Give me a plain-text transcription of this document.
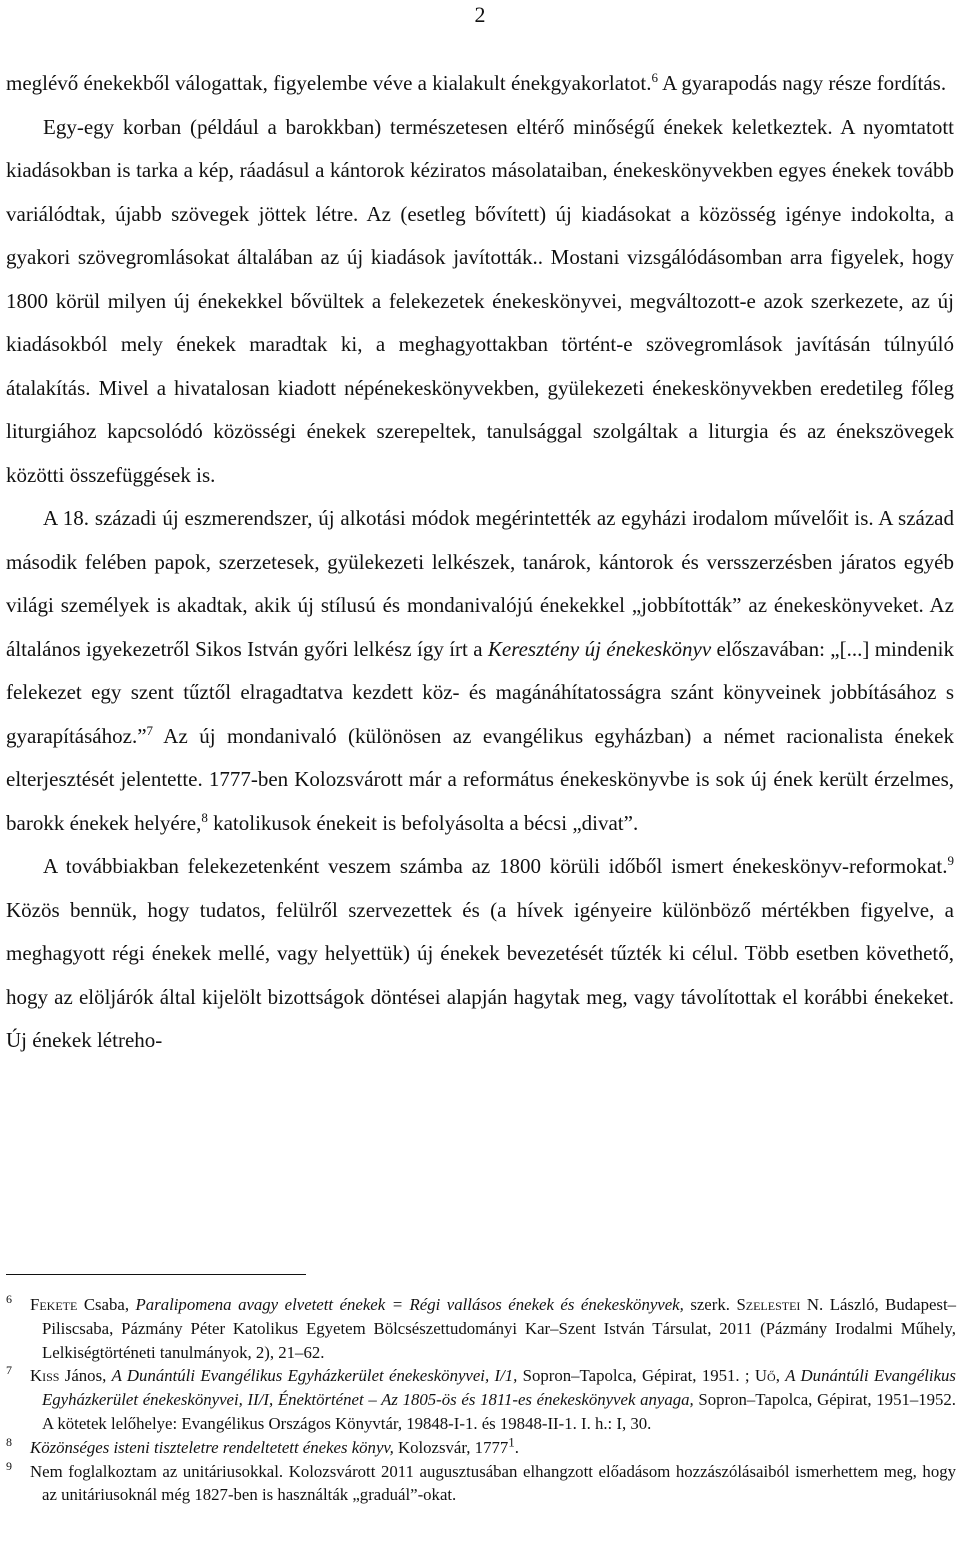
2

meglévő énekekből válogattak, figyelembe véve a kialakult énekgyakorlatot.$^6$ A gyarapodás nagy része fordítás.

Egy-egy korban (például a barokkban) természetesen eltérő minőségű énekek keletkeztek. A nyomtatott kiadásokban is tarka a kép, ráadásul a kántorok kéziratos másolataiban, énekeskönyvekben egyes énekek tovább variálódtak, újabb szövegek jöttek létre. Az (esetleg bővített) új kiadásokat a közösség igénye indokolta, a gyakori szövegromlásokat általában az új kiadások javították.. Mostani vizsgálódásomban arra figyelek, hogy 1800 körül milyen új énekekkel bővültek a felekezetek énekeskönyvei, megváltozott-e azok szerkezete, az új kiadásokból mely énekek maradtak ki, a meghagyottakban történt-e szövegromlások javításán túlnyúló átalakítás. Mivel a hivatalosan kiadott népénekeskönyvekben, gyülekezeti énekeskönyvekben eredetileg főleg liturgiához kapcsolódó közösségi énekek szerepeltek, tanulsággal szolgáltak a liturgia és az énekszövegek közötti összefüggések is.

A 18. századi új eszmerendszer, új alkotási módok megérintették az egyházi irodalom művelőit is. A század második felében papok, szerzetesek, gyülekezeti lelkészek, tanárok, kántorok és versszerzésben járatos egyéb világi személyek is akadtak, akik új stílusú és mondanivalójú énekekkel „jobbították” az énekeskönyveket. Az általános igyekezetről Sikos István győri lelkész így írt a Keresztény új énekeskönyv előszavában: „[...] mindenik felekezet egy szent tűztől elragadtatva kezdett köz- és magánáhítatosságra szánt könyveinek jobbításához s gyarapításához.”$^7$ Az új mondanivaló (különösen az evangélikus egyházban) a német racionalista énekek elterjesztését jelentette. 1777-ben Kolozsvárott már a református énekeskönyvbe is sok új ének került érzelmes, barokk énekek helyére,$^8$ katolikusok énekeit is befolyásolta a bécsi „divat”.

A továbbiakban felekezetenként veszem számba az 1800 körüli időből ismert énekeskönyv-reformokat.$^9$ Közös bennük, hogy tudatos, felülről szervezettek és (a hívek igényeire különböző mértékben figyelve, a meghagyott régi énekek mellé, vagy helyettük) új énekek bevezetését tűzték ki célul. Több esetben követhető, hogy az elöljárók által kijelölt bizottságok döntései alapján hagytak meg, vagy távolítottak el korábbi énekeket. Új énekek létreho-

6 Fekete Csaba, Paralipomena avagy elvetett énekek = Régi vallásos énekek és énekeskönyvek, szerk. Szelestei N. László, Budapest–Piliscsaba, Pázmány Péter Katolikus Egyetem Bölcsészettudományi Kar–Szent István Társulat, 2011 (Pázmány Irodalmi Műhely, Lelkiségtörténeti tanulmányok, 2), 21–62.
7 Kiss János, A Dunántúli Evangélikus Egyházkerület énekeskönyvei, I/1, Sopron–Tapolca, Gépirat, 1951. ; Uő, A Dunántúli Evangélikus Egyházkerület énekeskönyvei, II/I, Énektörténet – Az 1805-ös és 1811-es énekeskönyvek anyaga, Sopron–Tapolca, Gépirat, 1951–1952. A kötetek lelőhelye: Evangélikus Országos Könyvtár, 19848-I-1. és 19848-II-1. I. h.: I, 30.
8 Közönséges isteni tiszteletre rendeltetett énekes könyv, Kolozsvár, 1777$^1$.
9 Nem foglalkoztam az unitáriusokkal. Kolozsvárott 2011 augusztusában elhangzott előadásom hozzászólásaiból ismerhettem meg, hogy az unitáriusoknál még 1827-ben is használták „graduál”-okat.
